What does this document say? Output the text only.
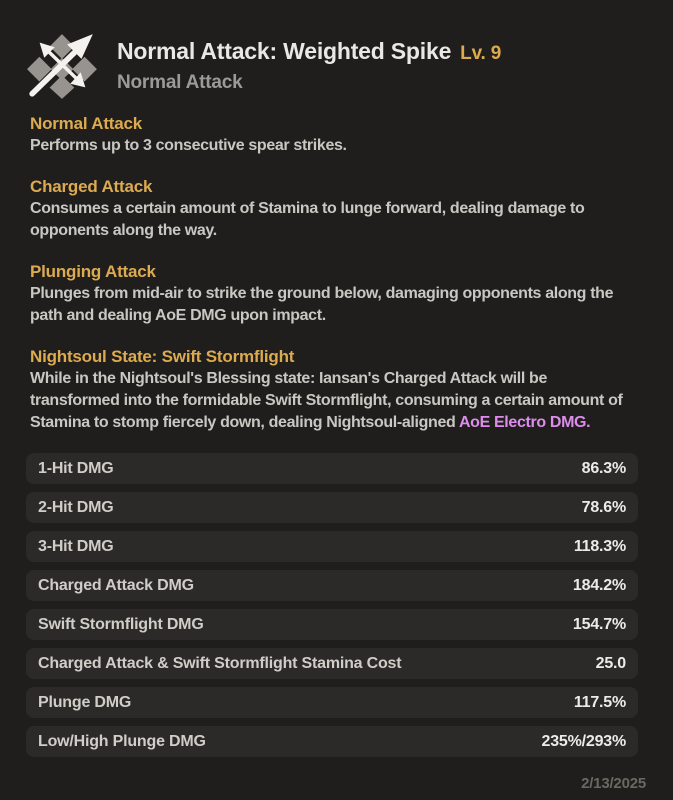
Normal Attack: Weighted Spike Lv. 9
Normal Attack
Normal Attack

Performs up to 3 consecutive spear strikes.

Charged Attack

Consumes a certain amount of Stamina to lunge forward, dealing damage to opponents along the way.

Plunging Attack

Plunges from mid-air to strike the ground below, damaging opponents along the path and dealing AoE DMG upon impact.

Nightsoul State: Swift Stormflight

While in the Nightsoul's Blessing state: Iansan's Charged Attack will be transformed into the formidable Swift Stormflight, consuming a certain amount of Stamina to stomp fiercely down, dealing Nightsoul-aligned AoE Electro DMG.

1-Hit DMG	86.3%
2-Hit DMG	78.6%
3-Hit DMG	118.3%
Charged Attack DMG	184.2%
Swift Stormflight DMG	154.7%
Charged Attack & Swift Stormflight Stamina Cost	25.0
Plunge DMG	117.5%
Low/High Plunge DMG	235%/293%
2/13/2025
